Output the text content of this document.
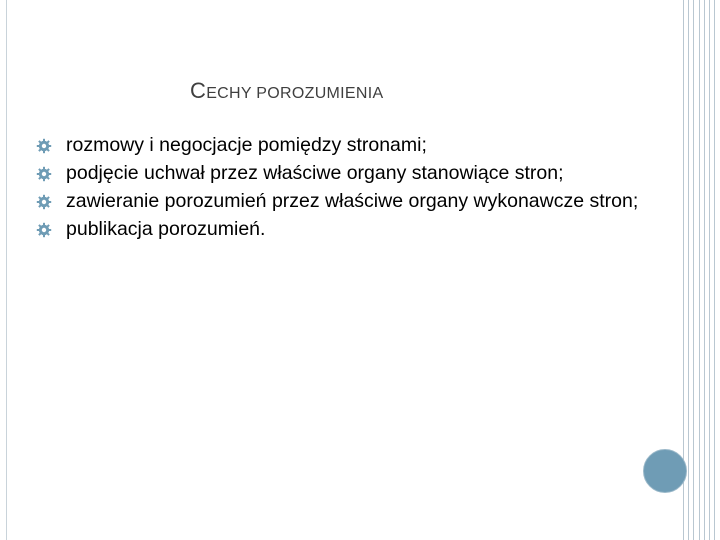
CECHY POROZUMIENIA
rozmowy i negocjacje pomiędzy stronami;
podjęcie uchwał przez właściwe organy stanowiące stron;
zawieranie porozumień przez właściwe organy wykonawcze stron;
publikacja porozumień.
